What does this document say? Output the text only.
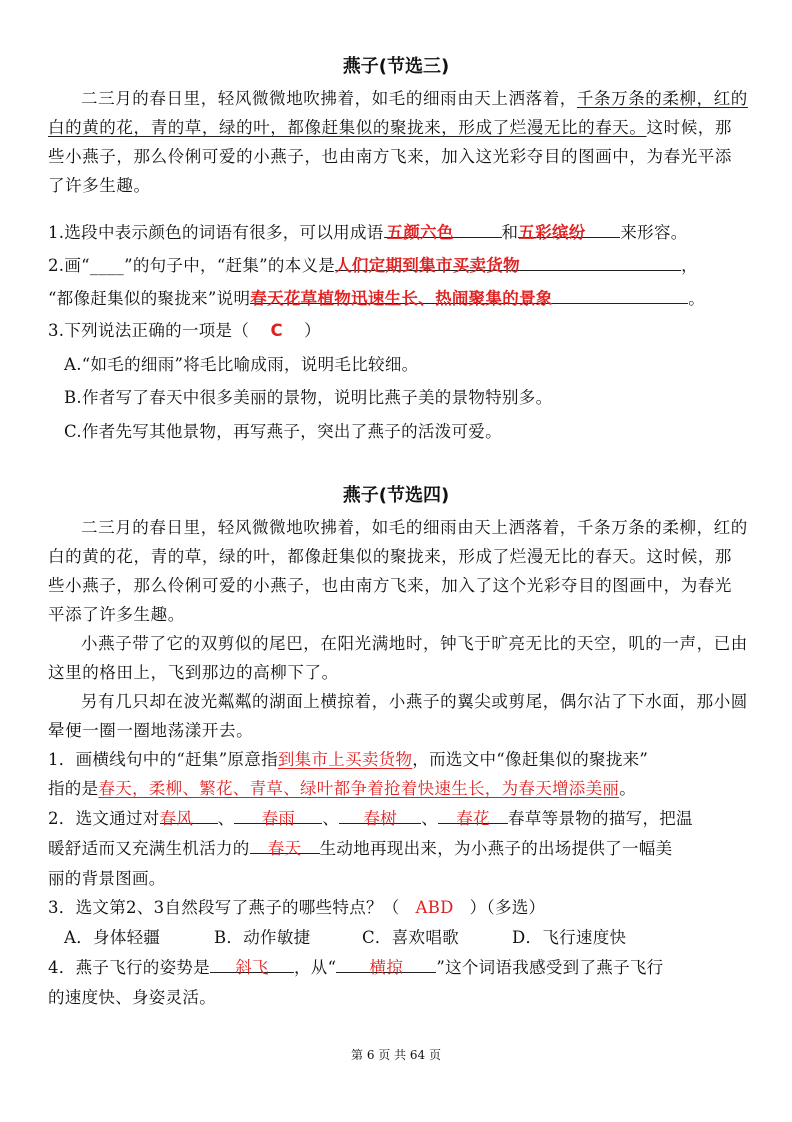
燕子(节选三)
二三月的春日里，轻风微微地吹拂着，如毛的细雨由天上洒落着，千条万条的柔柳，红的白的黄的花，青的草，绿的叶，都像赶集似的聚拢来，形成了烂漫无比的春天。这时候，那些小燕子，那么伶俐可爱的小燕子，也由南方飞来，加入这光彩夺目的图画中，为春光平添了许多生趣。
1.选段中表示颜色的词语有很多，可以用成语 五颜六色	和五彩缤纷 来形容。
2.画“____”的句子中，“赶集”的本义是人们定期到集市买卖货物	，
“都像赶集似的聚拢来”说明春天花草植物迅速生长、热闹聚集的景象	。
3.下列说法正确的一项是（ C ）
A.“如毛的细雨”将毛比喻成雨，说明毛比较细。
B.作者写了春天中很多美丽的景物，说明比燕子美的景物特别多。
C.作者先写其他景物，再写燕子，突出了燕子的活泼可爱。
燕子(节选四)
二三月的春日里，轻风微微地吹拂着，如毛的细雨由天上洒落着，千条万条的柔柳，红的白的黄的花，青的草，绿的叶，都像赶集似的聚拢来，形成了烂漫无比的春天。这时候，那些小燕子，那么伶俐可爱的小燕子，也由南方飞来，加入了这个光彩夺目的图画中，为春光平添了许多生趣。
小燕子带了它的双剪似的尾巴，在阳光满地时，钟飞于旷亮无比的天空，叽的一声，已由这里的格田上，飞到那边的高柳下了。
另有几只却在波光粼粼的湖面上横掠着，小燕子的翼尖或剪尾，偶尔沾了下水面，那小圆晕便一圈一圈地荡漾开去。
1．画横线句中的“赶集”原意指到集市上买卖货物，而选文中“像赶集似的聚拢来”
指的是春天，柔柳、繁花、青草、绿叶都争着抢着快速生长，为春天增添美丽。
2．选文通过对春风 、 春雨 、 春树 、 春花 春草等景物的描写，把温
暖舒适而又充满生机活力的 春天 生动地再现出来，为小燕子的出场提供了一幅美
丽的背景图画。
3．选文第2、3自然段写了燕子的哪些特点？（ ABD ）（多选）
A．身体轻疆	B．动作敏捷	C．喜欢唱歌	D．飞行速度快
4．燕子飞行的姿势是 斜飞 ，从“ 横掠 ”这个词语我感受到了燕子飞行
的速度快、身姿灵活。
第 6 页 共 64 页
